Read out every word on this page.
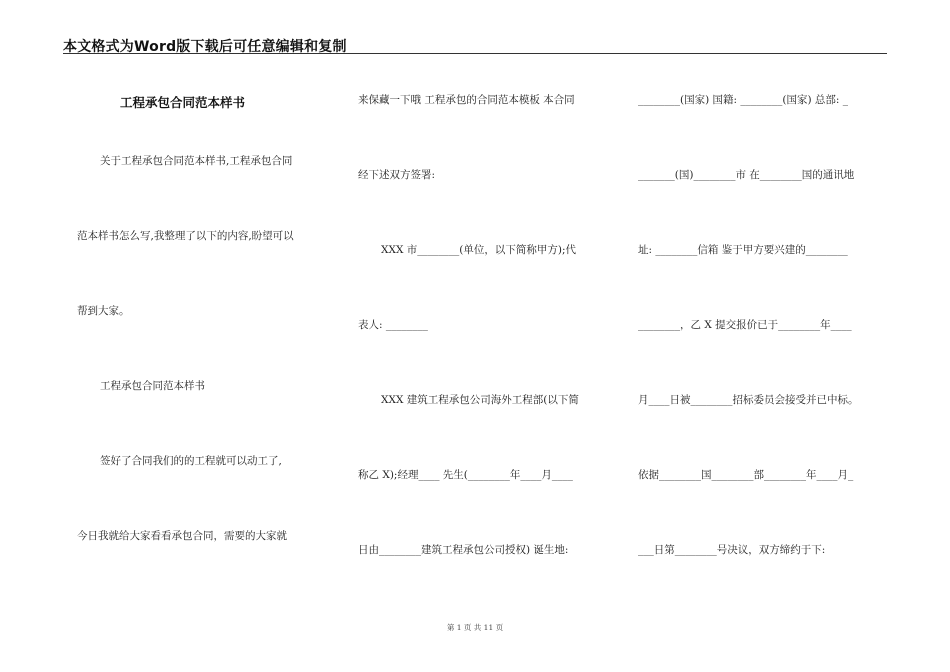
本文格式为Word版下载后可任意编辑和复制
工程承包合同范本样书
关于工程承包合同范本样书,工程承包合同
范本样书怎么写,我整理了以下的内容,盼望可以
帮到大家。
工程承包合同范本样书
签好了合同我们的的工程就可以动工了,
今日我就给大家看看承包合同，需要的大家就
来保藏一下哦 工程承包的合同范本模板 本合同
经下述双方签署:
XXX 市________(单位，以下简称甲方);代
表人: ________
XXX 建筑工程承包公司海外工程部(以下简
称乙 X);经理____ 先生(________年____月____
日由________建筑工程承包公司授权) 诞生地:
________(国家) 国籍: ________(国家) 总部: _
_______(国)________市 在________国的通讯地
址: ________信箱 鉴于甲方要兴建的________
________，乙 X 提交报价已于________年____
月____日被________招标委员会接受并已中标。
依据________国________部________年____月_
___日第________号决议，双方缔约于下:
第 1 页 共 11 页
